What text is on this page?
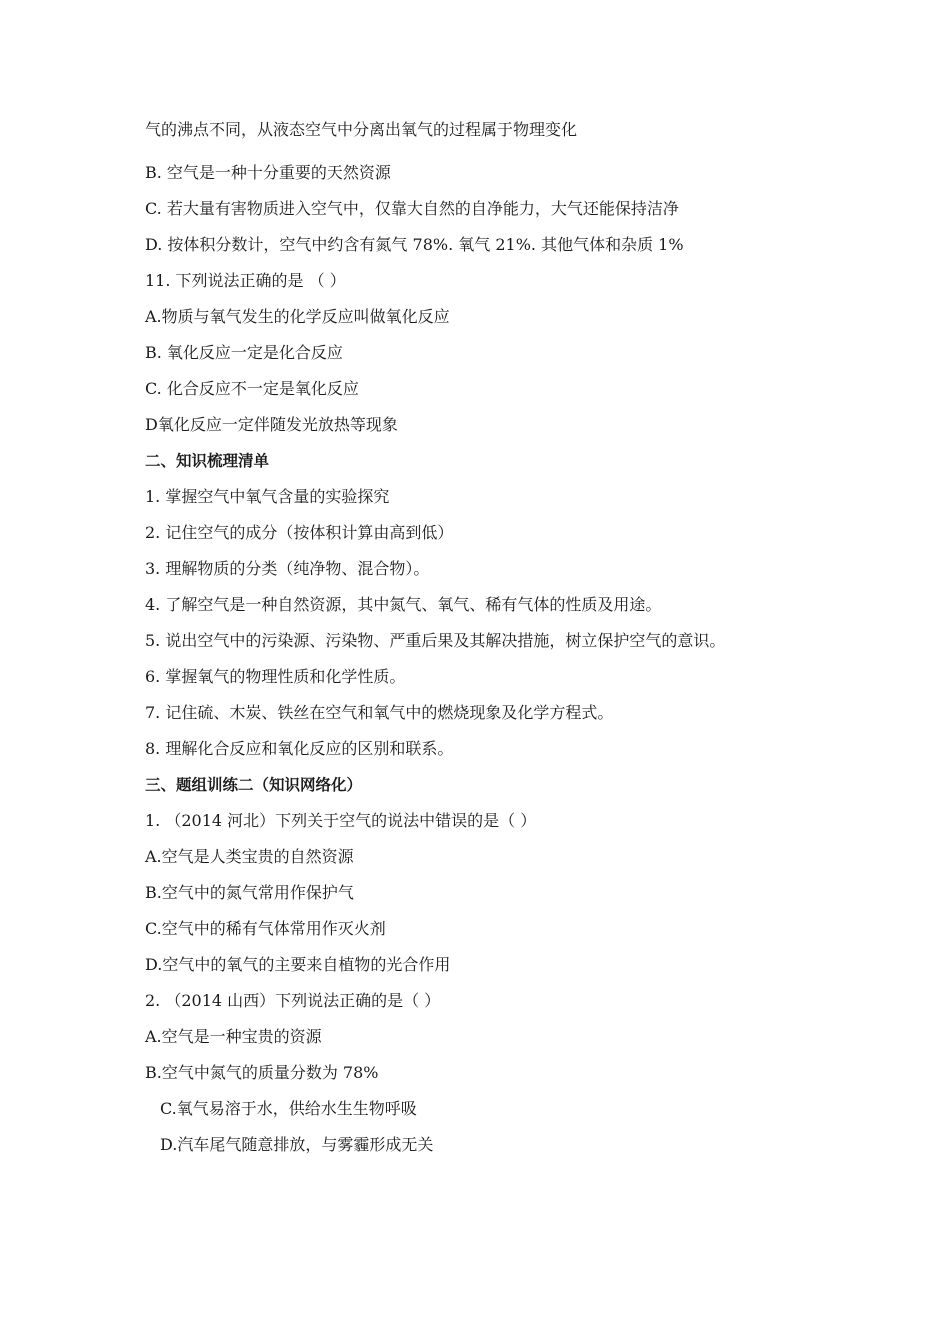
气的沸点不同，从液态空气中分离出氧气的过程属于物理变化
B. 空气是一种十分重要的天然资源
C. 若大量有害物质进入空气中，仅靠大自然的自净能力，大气还能保持洁净
D. 按体积分数计，空气中约含有氮气 78%. 氧气 21%. 其他气体和杂质 1%
11. 下列说法正确的是 （ ）
A.物质与氧气发生的化学反应叫做氧化反应
B. 氧化反应一定是化合反应
C. 化合反应不一定是氧化反应
D氧化反应一定伴随发光放热等现象
二、知识梳理清单
1. 掌握空气中氧气含量的实验探究
2. 记住空气的成分（按体积计算由高到低）
3. 理解物质的分类（纯净物、混合物）。
4. 了解空气是一种自然资源，其中氮气、氧气、稀有气体的性质及用途。
5. 说出空气中的污染源、污染物、严重后果及其解决措施，树立保护空气的意识。
6. 掌握氧气的物理性质和化学性质。
7. 记住硫、木炭、铁丝在空气和氧气中的燃烧现象及化学方程式。
8. 理解化合反应和氧化反应的区别和联系。
三、题组训练二（知识网络化）
1. （2014 河北）下列关于空气的说法中错误的是（ ）
A.空气是人类宝贵的自然资源
B.空气中的氮气常用作保护气
C.空气中的稀有气体常用作灭火剂
D.空气中的氧气的主要来自植物的光合作用
2. （2014 山西）下列说法正确的是（ ）
A.空气是一种宝贵的资源
B.空气中氮气的质量分数为 78%
C.氧气易溶于水，供给水生生物呼吸
D.汽车尾气随意排放，与雾霾形成无关
